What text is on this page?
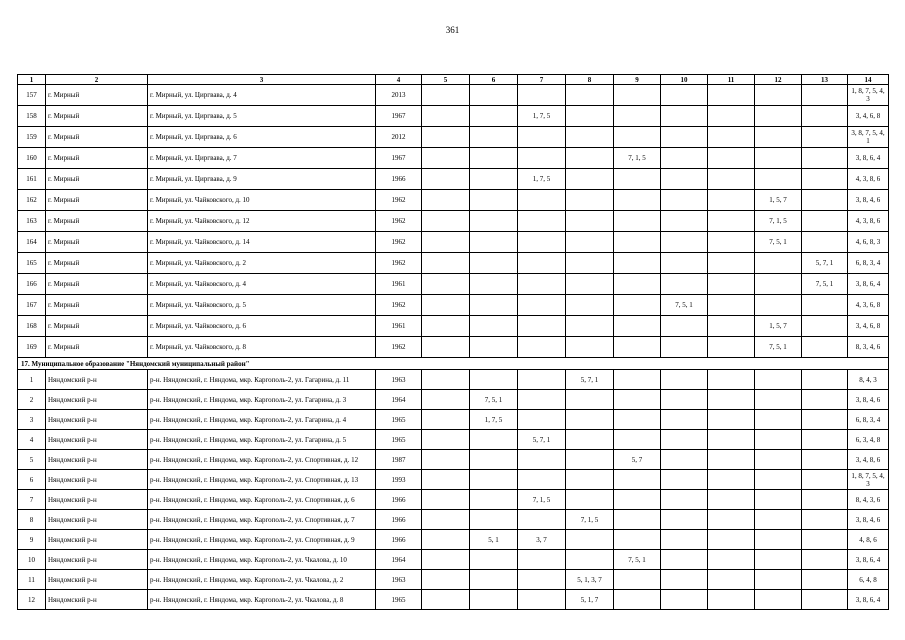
361
1	2	3	4	5	6	7	8	9	10	11	12	13	14
157	г. Мирный	г. Мирный, ул. Циргвава, д. 4	2013										1, 8, 7, 5, 4, 3
158	г. Мирный	г. Мирный, ул. Циргвава, д. 5	1967			1, 7, 5							3, 4, 6, 8
159	г. Мирный	г. Мирный, ул. Циргвава, д. 6	2012										3, 8, 7, 5, 4, 1
160	г. Мирный	г. Мирный, ул. Циргвава, д. 7	1967					7, 1, 5					3, 8, 6, 4
161	г. Мирный	г. Мирный, ул. Циргвава, д. 9	1966			1, 7, 5							4, 3, 8, 6
162	г. Мирный	г. Мирный, ул. Чайковского, д. 10	1962								1, 5, 7		3, 8, 4, 6
163	г. Мирный	г. Мирный, ул. Чайковского, д. 12	1962								7, 1, 5		4, 3, 8, 6
164	г. Мирный	г. Мирный, ул. Чайковского, д. 14	1962								7, 5, 1		4, 6, 8, 3
165	г. Мирный	г. Мирный, ул. Чайковского, д. 2	1962									5, 7, 1	6, 8, 3, 4
166	г. Мирный	г. Мирный, ул. Чайковского, д. 4	1961									7, 5, 1	3, 8, 6, 4
167	г. Мирный	г. Мирный, ул. Чайковского, д. 5	1962						7, 5, 1				4, 3, 6, 8
168	г. Мирный	г. Мирный, ул. Чайковского, д. 6	1961								1, 5, 7		3, 4, 6, 8
169	г. Мирный	г. Мирный, ул. Чайковского, д. 8	1962								7, 5, 1		8, 3, 4, 6
17. Муниципальное образование "Няндомский муниципальный район"													
1	Няндомский р-н	р-н. Няндомский, г. Няндома, мкр. Каргополь-2, ул. Гагарина, д. 11	1963				5, 7, 1						8, 4, 3
2	Няндомский р-н	р-н. Няндомский, г. Няндома, мкр. Каргополь-2, ул. Гагарина, д. 3	1964		7, 5, 1								3, 8, 4, 6
3	Няндомский р-н	р-н. Няндомский, г. Няндома, мкр. Каргополь-2, ул. Гагарина, д. 4	1965		1, 7, 5								6, 8, 3, 4
4	Няндомский р-н	р-н. Няндомский, г. Няндома, мкр. Каргополь-2, ул. Гагарина, д. 5	1965			5, 7, 1							6, 3, 4, 8
5	Няндомский р-н	р-н. Няндомский, г. Няндома, мкр. Каргополь-2, ул. Спортивная, д. 12	1987					5, 7					3, 4, 8, 6
6	Няндомский р-н	р-н. Няндомский, г. Няндома, мкр. Каргополь-2, ул. Спортивная, д. 13	1993										1, 8, 7, 5, 4, 3
7	Няндомский р-н	р-н. Няндомский, г. Няндома, мкр. Каргополь-2, ул. Спортивная, д. 6	1966			7, 1, 5							8, 4, 3, 6
8	Няндомский р-н	р-н. Няндомский, г. Няндома, мкр. Каргополь-2, ул. Спортивная, д. 7	1966				7, 1, 5						3, 8, 4, 6
9	Няндомский р-н	р-н. Няндомский, г. Няндома, мкр. Каргополь-2, ул. Спортивная, д. 9	1966		5, 1	3, 7							4, 8, 6
10	Няндомский р-н	р-н. Няндомский, г. Няндома, мкр. Каргополь-2, ул. Чкалова, д. 10	1964					7, 5, 1					3, 8, 6, 4
11	Няндомский р-н	р-н. Няндомский, г. Няндома, мкр. Каргополь-2, ул. Чкалова, д. 2	1963				5, 1, 3, 7						6, 4, 8
12	Няндомский р-н	р-н. Няндомский, г. Няндома, мкр. Каргополь-2, ул. Чкалова, д. 8	1965				5, 1, 7						3, 8, 6, 4
